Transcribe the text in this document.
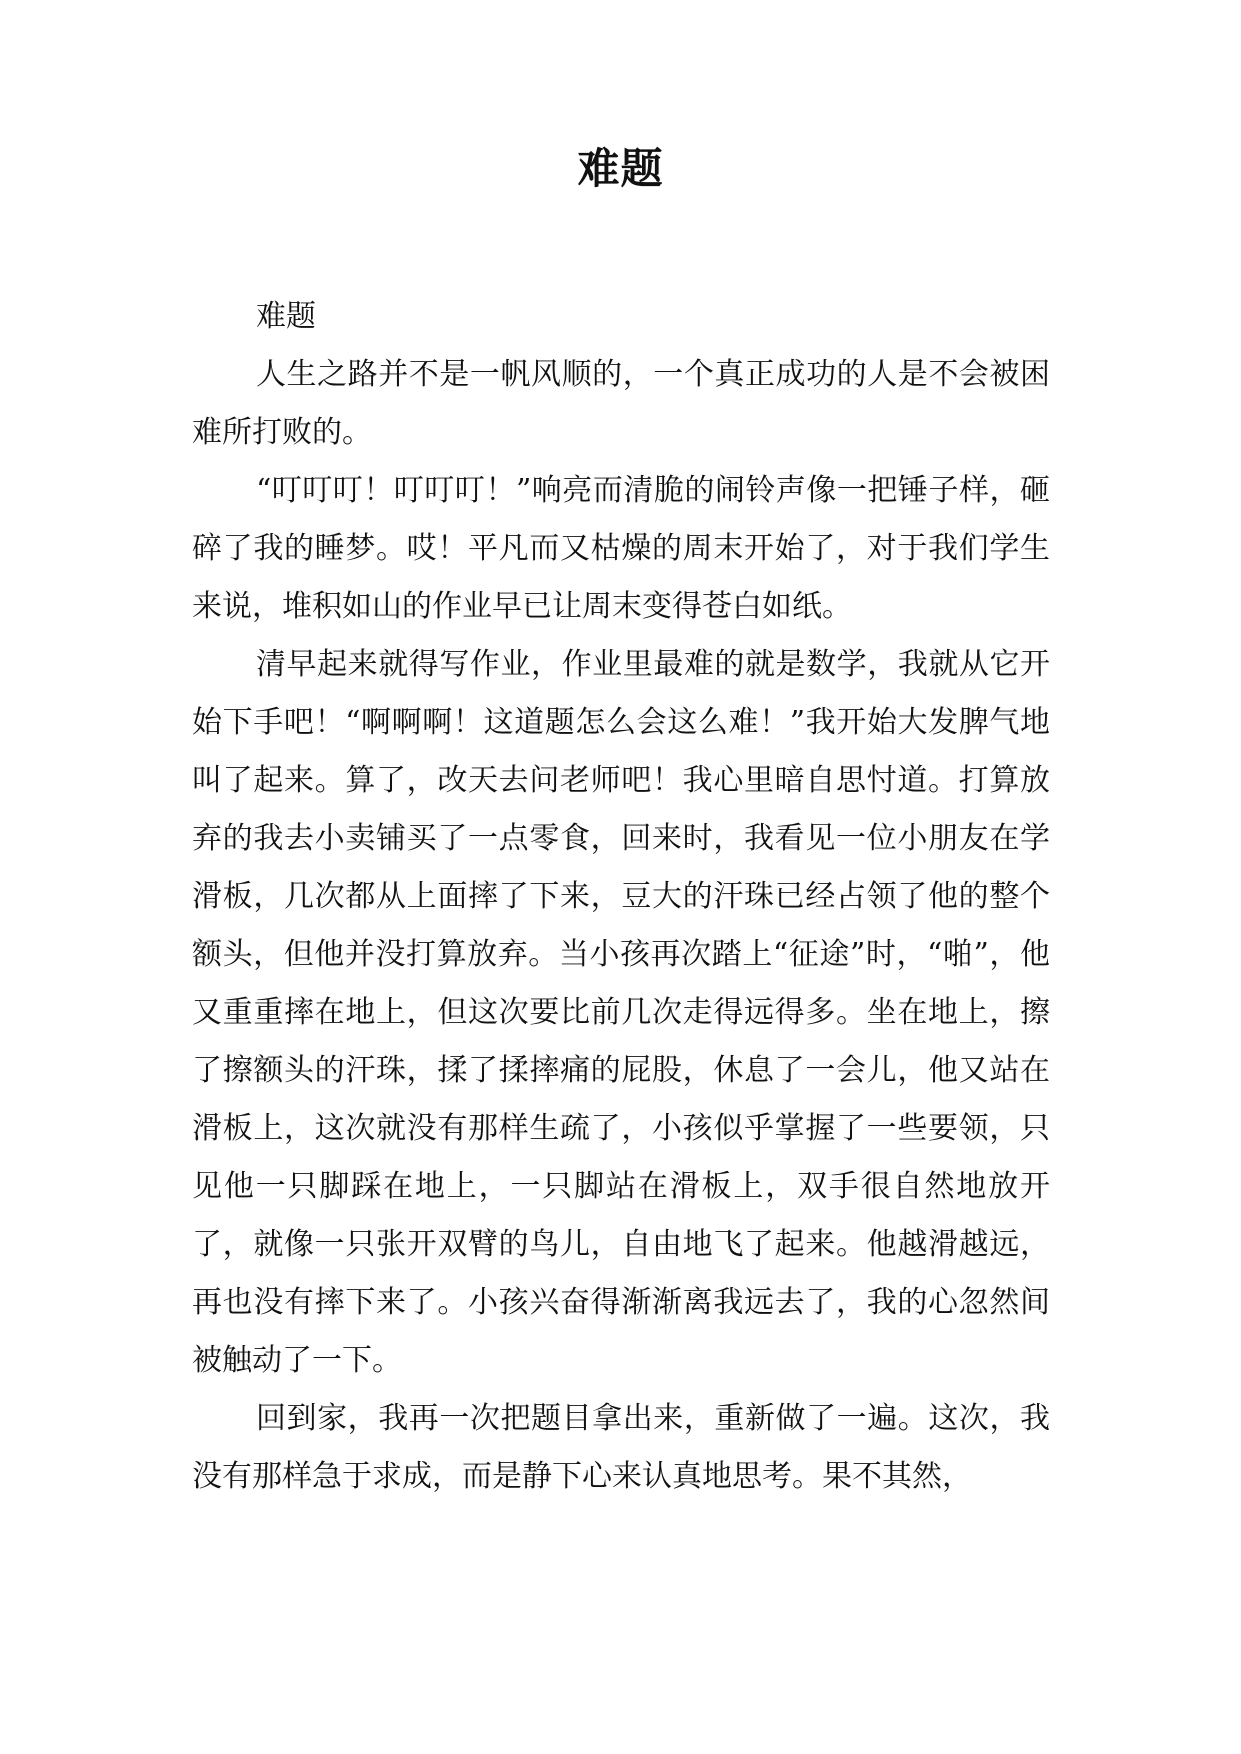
难题

难题

人生之路并不是一帆风顺的，一个真正成功的人是不会被困难所打败的。

“叮叮叮！叮叮叮！”响亮而清脆的闹铃声像一把锤子样，砸碎了我的睡梦。哎！平凡而又枯燥的周末开始了，对于我们学生来说，堆积如山的作业早已让周末变得苍白如纸。

清早起来就得写作业，作业里最难的就是数学，我就从它开始下手吧！“啊啊啊！这道题怎么会这么难！”我开始大发脾气地叫了起来。算了，改天去问老师吧！我心里暗自思忖道。打算放弃的我去小卖铺买了一点零食，回来时，我看见一位小朋友在学滑板，几次都从上面摔了下来，豆大的汗珠已经占领了他的整个额头，但他并没打算放弃。当小孩再次踏上“征途”时，“啪”，他又重重摔在地上，但这次要比前几次走得远得多。坐在地上，擦了擦额头的汗珠，揉了揉摔痛的屁股，休息了一会儿，他又站在滑板上，这次就没有那样生疏了，小孩似乎掌握了一些要领，只见他一只脚踩在地上，一只脚站在滑板上，双手很自然地放开了，就像一只张开双臂的鸟儿，自由地飞了起来。他越滑越远，再也没有摔下来了。小孩兴奋得渐渐离我远去了，我的心忽然间被触动了一下。

回到家，我再一次把题目拿出来，重新做了一遍。这次，我没有那样急于求成，而是静下心来认真地思考。果不其然，
